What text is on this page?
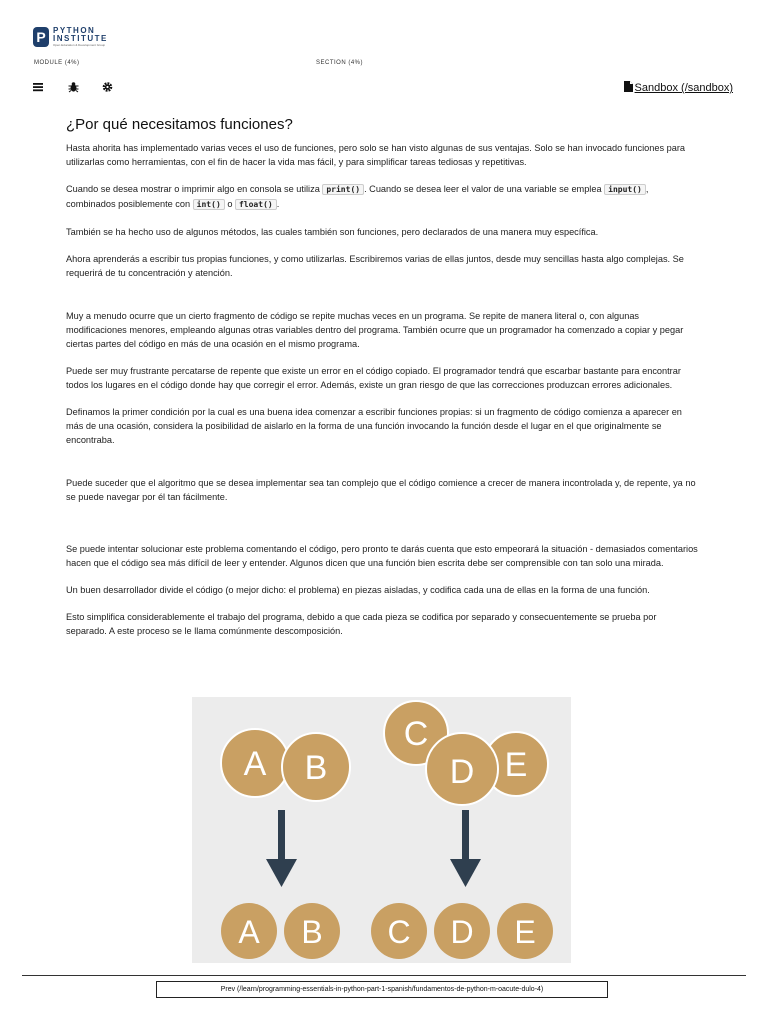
P PYTHON
INSTITUTE
Open Education & Development Group
MODULE (4%)	SECTION (4%)
Sandbox (/sandbox)
¿Por qué necesitamos funciones?

Hasta ahorita has implementado varias veces el uso de funciones, pero solo se han visto algunas de sus ventajas. Solo se han invocado funciones para utilizarlas como herramientas, con el fin de hacer la vida mas fácil, y para simplificar tareas tediosas y repetitivas.

Cuando se desea mostrar o imprimir algo en consola se utiliza print() . Cuando se desea leer el valor de una variable se emplea input() , combinados posiblemente con int() o float() .

También se ha hecho uso de algunos métodos, las cuales también son funciones, pero declarados de una manera muy específica.

Ahora aprenderás a escribir tus propias funciones, y como utilizarlas. Escribiremos varias de ellas juntos, desde muy sencillas hasta algo complejas. Se requerirá de tu concentración y atención.

Muy a menudo ocurre que un cierto fragmento de código se repite muchas veces en un programa. Se repite de manera literal o, con algunas modificaciones menores, empleando algunas otras variables dentro del programa. También ocurre que un programador ha comenzado a copiar y pegar ciertas partes del código en más de una ocasión en el mismo programa.

Puede ser muy frustrante percatarse de repente que existe un error en el código copiado. El programador tendrá que escarbar bastante para encontrar todos los lugares en el código donde hay que corregir el error. Además, existe un gran riesgo de que las correcciones produzcan errores adicionales.

Definamos la primer condición por la cual es una buena idea comenzar a escribir funciones propias: si un fragmento de código comienza a aparecer en más de una ocasión, considera la posibilidad de aislarlo en la forma de una función invocando la función desde el lugar en el que originalmente se encontraba.

Puede suceder que el algoritmo que se desea implementar sea tan complejo que el código comience a crecer de manera incontrolada y, de repente, ya no se puede navegar por él tan fácilmente.

Se puede intentar solucionar este problema comentando el código, pero pronto te darás cuenta que esto empeorará la situación - demasiados comentarios hacen que el código sea más difícil de leer y entender. Algunos dicen que una función bien escrita debe ser comprensible con tan solo una mirada.

Un buen desarrollador divide el código (o mejor dicho: el problema) en piezas aisladas, y codifica cada una de ellas en la forma de una función.

Esto simplifica considerablemente el trabajo del programa, debido a que cada pieza se codifica por separado y consecuentemente se prueba por separado. A este proceso se le llama comúnmente descomposición.

A B
C
D E
A B C D E
Prev (/learn/programming-essentials-in-python-part-1-spanish/fundamentos-de-python-m-oacute-dulo-4)
